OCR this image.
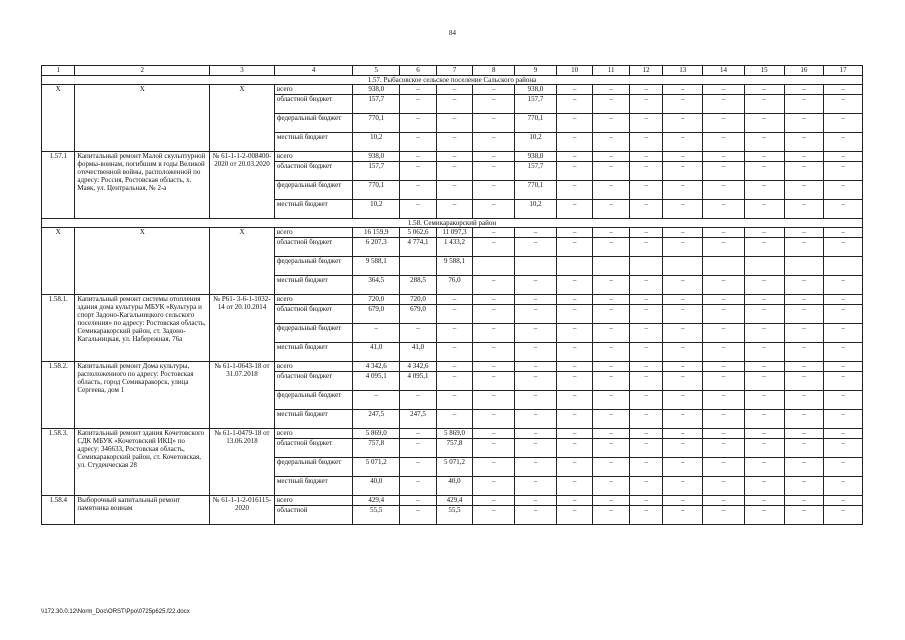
84
1	2	3	4	5	6	7	8	9	10	11	12	13	14	15	16	17
1.57. Рыбасовское сельское поселение Сальского района																
Х	Х	Х	всего	938,0	–	–	–	938,0	–	–	–	–	–	–	–	–
			областной бюджет	157,7	–	–	–	157,7	–	–	–	–	–	–	–	–
			федеральный бюджет	770,1	–	–	–	770,1	–	–	–	–	–	–	–	–
			местный бюджет	10,2	–	–	–	10,2	–	–	–	–	–	–	–	–
1.57.1	Капитальный ремонт Малой скульптурной формы-воинам, погибшим в годы Великой отечественной войны, расположенной по адресу: Россия, Ростовская область, х. Маяк, ул. Центральная, № 2-а	№ 61-1-1-2-008400-2020 от 20.03.2020	всего	938,0	–	–	–	938,0	–	–	–	–	–	–	–	–
			областной бюджет	157,7	–	–	–	157,7	–	–	–	–	–	–	–	–
			федеральный бюджет	770,1	–	–	–	770,1	–	–	–	–	–	–	–	–
			местный бюджет	10,2	–	–	–	10,2	–	–	–	–	–	–	–	–
1.58. Семикаракорский район																
Х	Х	Х	всего	16 159,9	5 062,6	11 097,3	–	–	–	–	–	–	–	–	–	–
			областной бюджет	6 207,3	4 774,1	1 433,2	–	–	–	–	–	–	–	–	–	–
			федеральный бюджет	9 588,1		9 588,1										
			местный бюджет	364,5	288,5	76,0	–	–	–	–	–	–	–	–	–	–
1.58.1.	Капитальный ремонт системы отопления здания дома культуры МБУК «Культура и спорт Задоно-Кагальницкого сельского поселения» по адресу: Ростовская область, Семикаракорский район, ст. Задоно-Кагальницкая, ул. Набережная, 76а	№ Р61- 3-6-1-1032-14 от 20.10.2014	всего	720,0	720,0	–	–	–	–	–	–	–	–	–	–	–
			областной бюджет	679,0	679,0	–	–	–	–	–	–	–	–	–	–	–
			федеральный бюджет	–	–	–	–	–	–	–	–	–	–	–	–	–
			местный бюджет	41,0	41,0	–	–	–	–	–	–	–	–	–	–	–
1.58.2.	Капитальный ремонт Дома культуры, расположенного по адресу: Ростовская область, город Семикаракорск, улица Сергеева, дом 1	№ 61-1-0643-18 от 31.07.2018	всего	4 342,6	4 342,6	–	–	–	–	–	–	–	–	–	–	–
			областной бюджет	4 095,1	4 095,1	–	–	–	–	–	–	–	–	–	–	–
			федеральный бюджет	–	–	–	–	–	–	–	–	–	–	–	–	–
			местный бюджет	247,5	247,5	–	–	–	–	–	–	–	–	–	–	–
1.58.3.	Капитальный ремонт здания Кочетовского СДК МБУК «Кочетовский ИКЦ» по адресу: 346633, Ростовская область, Семикаракорский район, ст. Кочетовская, ул. Студенческая 28	№ 61-1-0479-18 от 13.06.2018	всего	5 869,0	–	5 869,0	–	–	–	–	–	–	–	–	–	–
			областной бюджет	757,8	–	757,8	–	–	–	–	–	–	–	–	–	–
			федеральный бюджет	5 071,2	–	5 071,2	–	–	–	–	–	–	–	–	–	–
			местный бюджет	40,0	–	40,0	–	–	–	–	–	–	–	–	–	–
1.58.4	Выборочный капитальный ремонт памятника воинам	№ 61-1-1-2-016115-2020	всего	429,4	–	429,4	–	–	–	–	–	–	–	–	–	–
			областной	55,5	–	55,5	–	–	–	–	–	–	–	–	–	–
\\172.30.0.12\Norm_Doc\ORST\Ppo\0725p625.f22.docx
